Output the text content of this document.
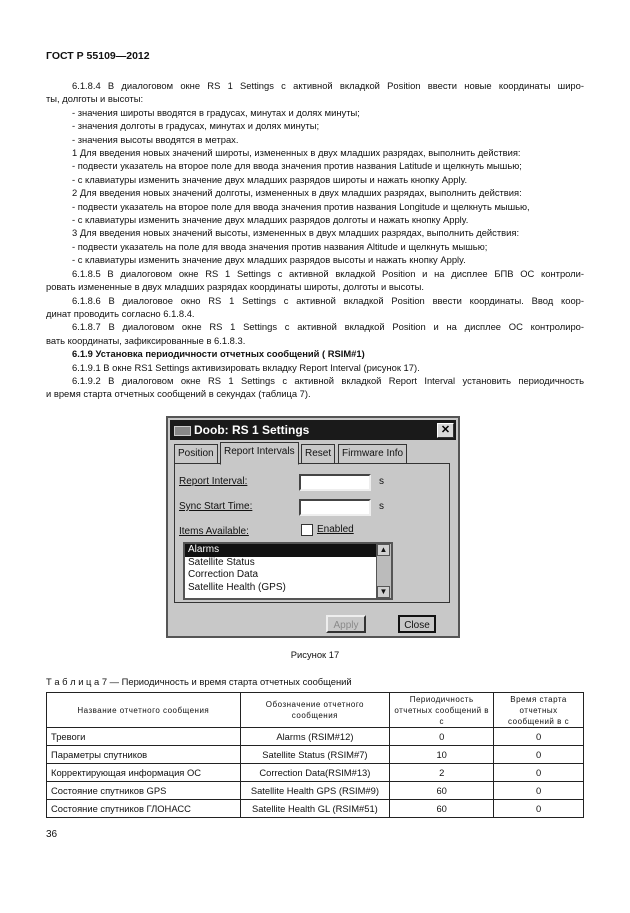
ГОСТ Р 55109—2012

6.1.8.4 В диалоговом окне RS 1 Settings с активной вкладкой Position ввести новые координаты широ-

ты, долготы и высоты:

- значения широты вводятся в градусах, минутах и долях минуты;

- значения долготы в градусах, минутах и долях минуты;

- значения высоты вводятся в метрах.

1 Для введения новых значений широты, измененных в двух младших разрядах, выполнить действия:

- подвести указатель на второе поле для ввода значения против названия Latitude и щелкнуть мышью;

- с клавиатуры изменить значение двух младших разрядов широты и нажать кнопку Apply.

2 Для введения новых значений долготы, измененных в двух младших разрядах, выполнить действия:

- подвести указатель на второе поле для ввода значения против названия Longitude и щелкнуть мышью,

- с клавиатуры изменить значение двух младших разрядов долготы и нажать кнопку Apply.

3 Для введения новых значений высоты, измененных в двух младших разрядах, выполнить действия:

- подвести указатель на поле для ввода значения против названия Altitude и щелкнуть мышью;

- с клавиатуры изменить значение двух младших разрядов высоты и нажать кнопку Apply.

6.1.8.5 В диалоговом окне RS 1 Settings с активной вкладкой Position и на дисплее БПВ ОС контроли-

ровать измененные в двух младших разрядах координаты широты, долготы и высоты.

6.1.8.6 В диалоговое окно RS 1 Settings с активной вкладкой Position ввести координаты. Ввод коор-

динат проводить согласно 6.1.8.4.

6.1.8.7 В диалоговом окне RS 1 Settings с активной вкладкой Position и на дисплее ОС контролиро-

вать координаты, зафиксированные в 6.1.8.3.

6.1.9 Установка периодичности отчетных сообщений ( RSIM#1)

6.1.9.1 В окне RS1 Settings активизировать вкладку Report Interval (рисунок 17).

6.1.9.2 В диалоговом окне RS 1 Settings с активной вкладкой Report Interval установить периодичность

и время старта отчетных сообщений в секундах (таблица 7).

Doob: RS 1 Settings	✕
Position	Report Intervals	Reset	Firmware Info
Report Interval:	s
Sync Start Time:	s
Items Available:	Enabled
Alarms
Satellite Status
Correction Data
Satellite Health (GPS)
▲
▼
Apply	Close
Рисунок 17
Т а б л и ц а 7 — Периодичность и время старта отчетных сообщений
Название отчетного сообщения	Обозначение отчетного сообщения	Периодичность отчетных сообщений в с	Время старта отчетных сообщений в с
Тревоги	Alarms (RSIM#12)	0	0
Параметры спутников	Satellite Status (RSIM#7)	10	0
Корректирующая информация ОС	Correction Data(RSIM#13)	2	0
Состояние спутников GPS	Satellite Health GPS (RSIM#9)	60	0
Состояние спутников ГЛОНАСС	Satellite Health GL (RSIM#51)	60	0
36
